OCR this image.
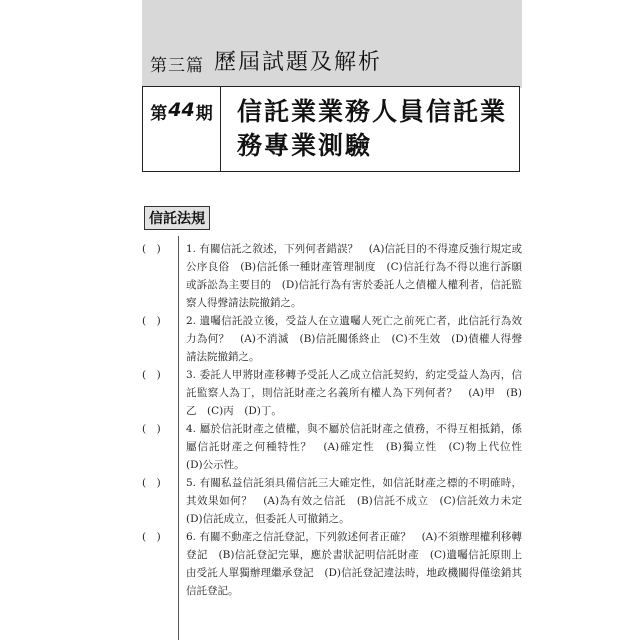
第三篇 歷屆試題及解析
第 44 期 信託業業務人員信託業
務專業測驗
信託法規
(　) 1. 有關信託之敘述，下列何者錯誤？　(A)信託目的不得違反強行規定或公序良俗　(B)信託係一種財產管理制度　(C)信託行為不得以進行訴願或訴訟為主要目的　(D)信託行為有害於委託人之債權人權利者，信託監察人得聲請法院撤銷之。
(　) 2. 遺囑信託設立後，受益人在立遺囑人死亡之前死亡者，此信託行為效力為何？　(A)不消滅　(B)信託關係終止　(C)不生效　(D)債權人得聲請法院撤銷之。
(　) 3. 委託人甲將財產移轉予受託人乙成立信託契約，約定受益人為丙，信託監察人為丁，則信託財產之名義所有權人為下列何者？　(A)甲　(B)乙　(C)丙　(D)丁。
(　) 4. 屬於信託財產之債權，與不屬於信託財產之債務，不得互相抵銷，係屬信託財產之何種特性？　(A)確定性　(B)獨立性　(C)物上代位性　(D)公示性。
(　) 5. 有關私益信託須具備信託三大確定性，如信託財產之標的不明確時，其效果如何？　(A)為有效之信託　(B)信託不成立　(C)信託效力未定　(D)信託成立，但委託人可撤銷之。
(　) 6. 有關不動產之信託登記，下列敘述何者正確？　(A)不須辦理權利移轉登記　(B)信託登記完畢，應於書狀記明信託財產　(C)遺囑信託原則上由受託人單獨辦理繼承登記　(D)信託登記違法時，地政機關得僅塗銷其信託登記。
